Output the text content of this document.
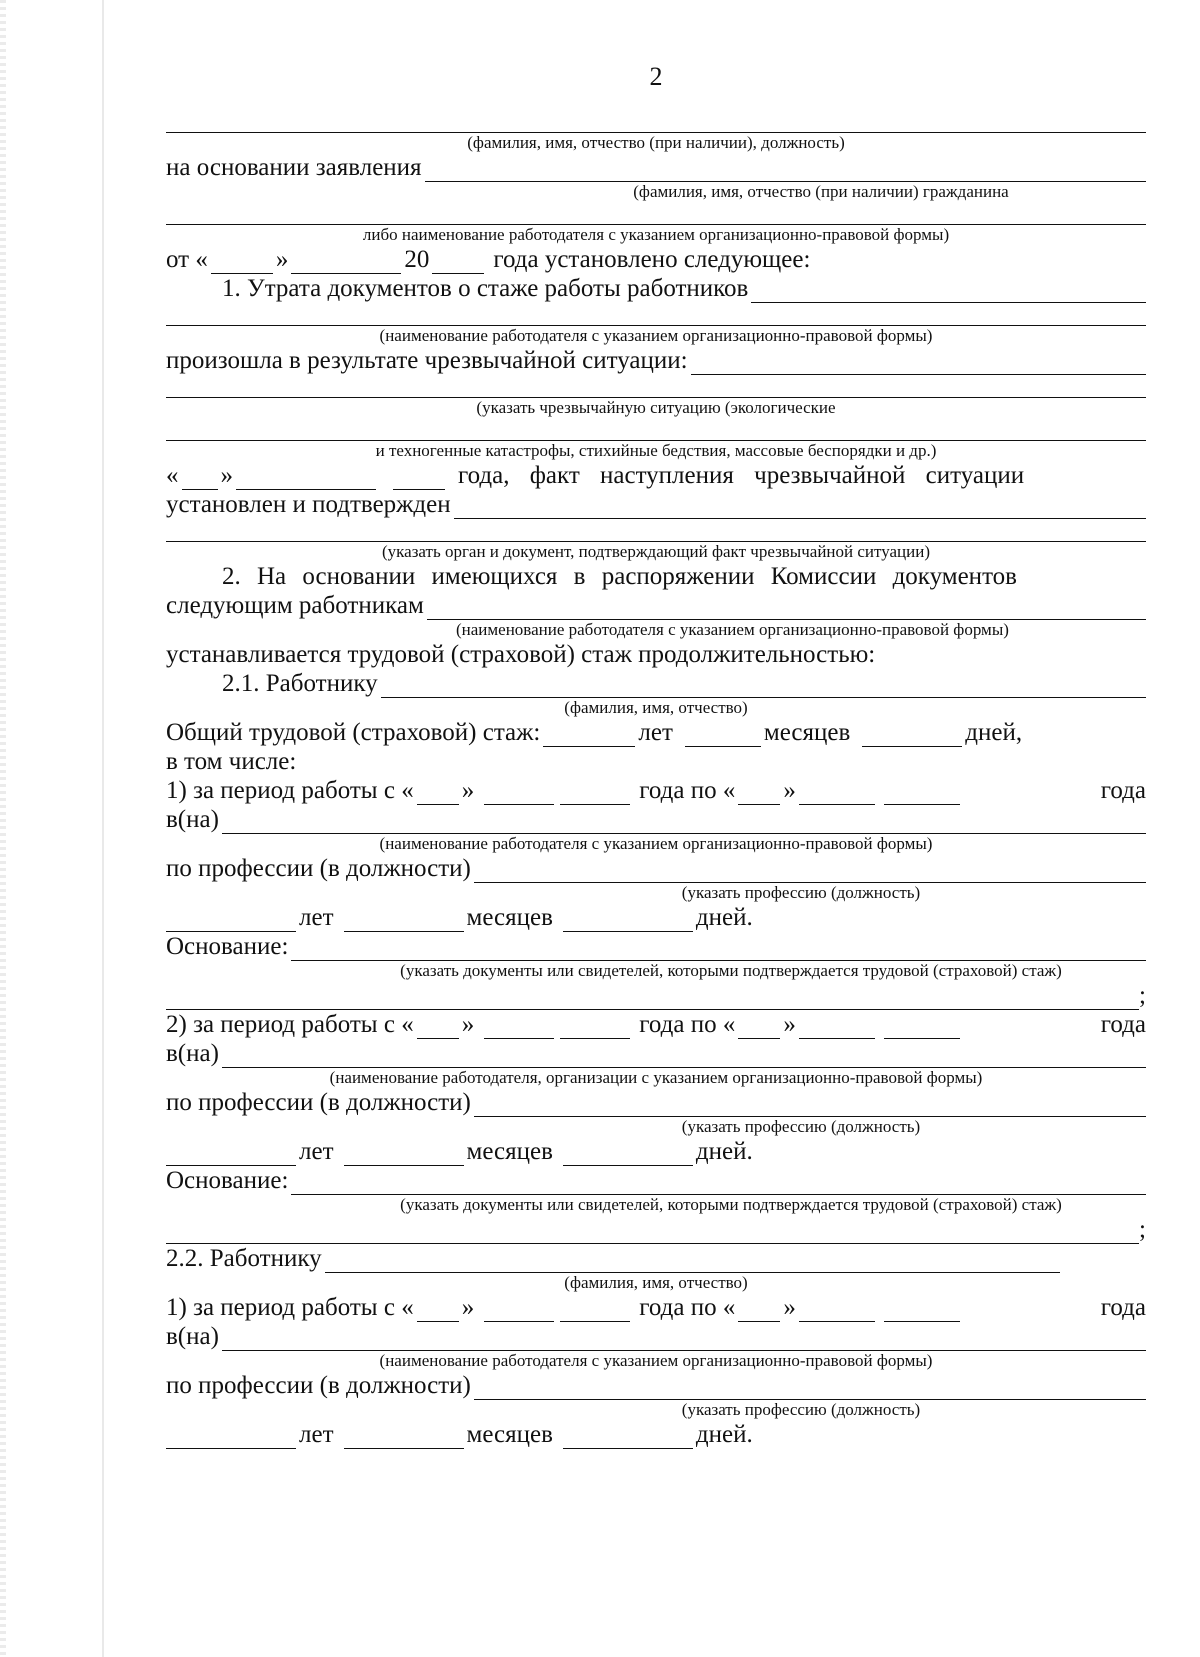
2
(фамилия, имя, отчество (при наличии), должность)
на основании заявления
(фамилия, имя, отчество (при наличии) гражданина
либо наименование работодателя с указанием организационно-правовой формы)
от «	»	20	года установлено следующее:
1. Утрата документов о стаже работы работников
(наименование работодателя с указанием организационно-правовой формы)
произошла в результате чрезвычайной ситуации:
(указать чрезвычайную ситуацию (экологические
и техногенные катастрофы, стихийные бедствия, массовые беспорядки и др.)
« »	года, факт наступления чрезвычайной ситуации
установлен и подтвержден
(указать орган и документ, подтверждающий факт чрезвычайной ситуации)
2. На основании имеющихся в распоряжении Комиссии документов
следующим работникам
(наименование работодателя с указанием организационно-правовой формы)
устанавливается трудовой (страховой) стаж продолжительностью:
2.1. Работнику
(фамилия, имя, отчество)
Общий трудовой (страховой) стаж:	лет	месяцев	дней,
в том числе:
1) за период работы с « »	года по « »	года
в(на)
(наименование работодателя с указанием организационно-правовой формы)
по профессии (в должности)
(указать профессию (должность)
лет	месяцев	дней.
Основание:
(указать документы или свидетелей, которыми подтверждается трудовой (страховой) стаж)
;
2) за период работы с « »	года по « »	года
в(на)
(наименование работодателя, организации с указанием организационно-правовой формы)
по профессии (в должности)
(указать профессию (должность)
лет	месяцев	дней.
Основание:
(указать документы или свидетелей, которыми подтверждается трудовой (страховой) стаж)
;
2.2. Работнику
(фамилия, имя, отчество)
1) за период работы с « »	года по « »	года
в(на)
(наименование работодателя с указанием организационно-правовой формы)
по профессии (в должности)
(указать профессию (должность)
лет	месяцев	дней.
